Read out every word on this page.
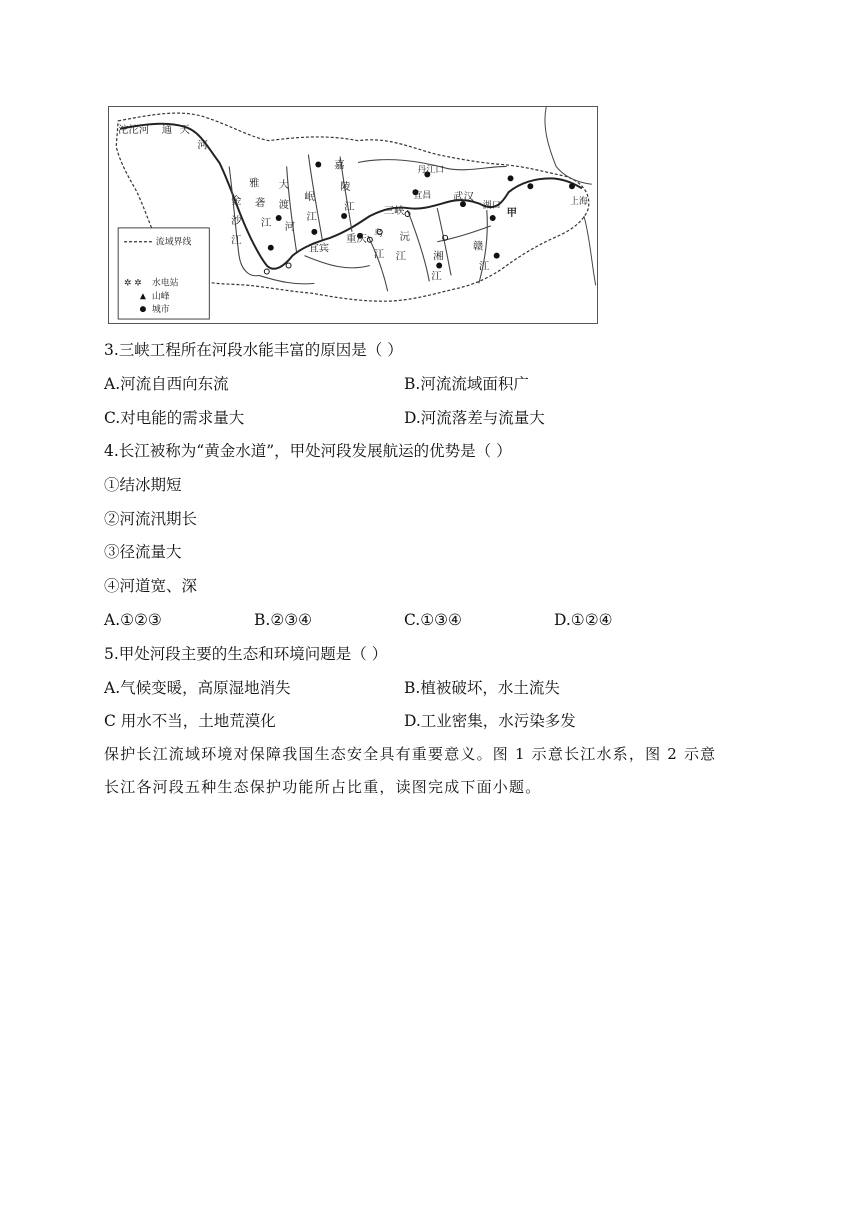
沱沱河 通 天
河
雅
砻
江
金
沙
江
大
渡
河
岷
江
嘉
陵
江
丹江口
宜昌
三峡
武汉
湖口
甲
上海
宜宾
重庆 乌
江
沅
江	湘
江
赣
江
流域界线
✲ ✲ 水电站
山峰
城市
3.三峡工程所在河段水能丰富的原因是（ ）
A.河流自西向东流	B.河流流域面积广
C.对电能的需求量大	D.河流落差与流量大
4.长江被称为“黄金水道”，甲处河段发展航运的优势是（ ）
①结冰期短
②河流汛期长
③径流量大
④河道宽、深
A.①②③	B.②③④	C.①③④	D.①②④
5.甲处河段主要的生态和环境问题是（ ）
A.气候变暖，高原湿地消失	B.植被破坏，水土流失
C 用水不当，土地荒漠化	D.工业密集，水污染多发
保护长江流域环境对保障我国生态安全具有重要意义。图 1 示意长江水系，图 2 示意
长江各河段五种生态保护功能所占比重，读图完成下面小题。
